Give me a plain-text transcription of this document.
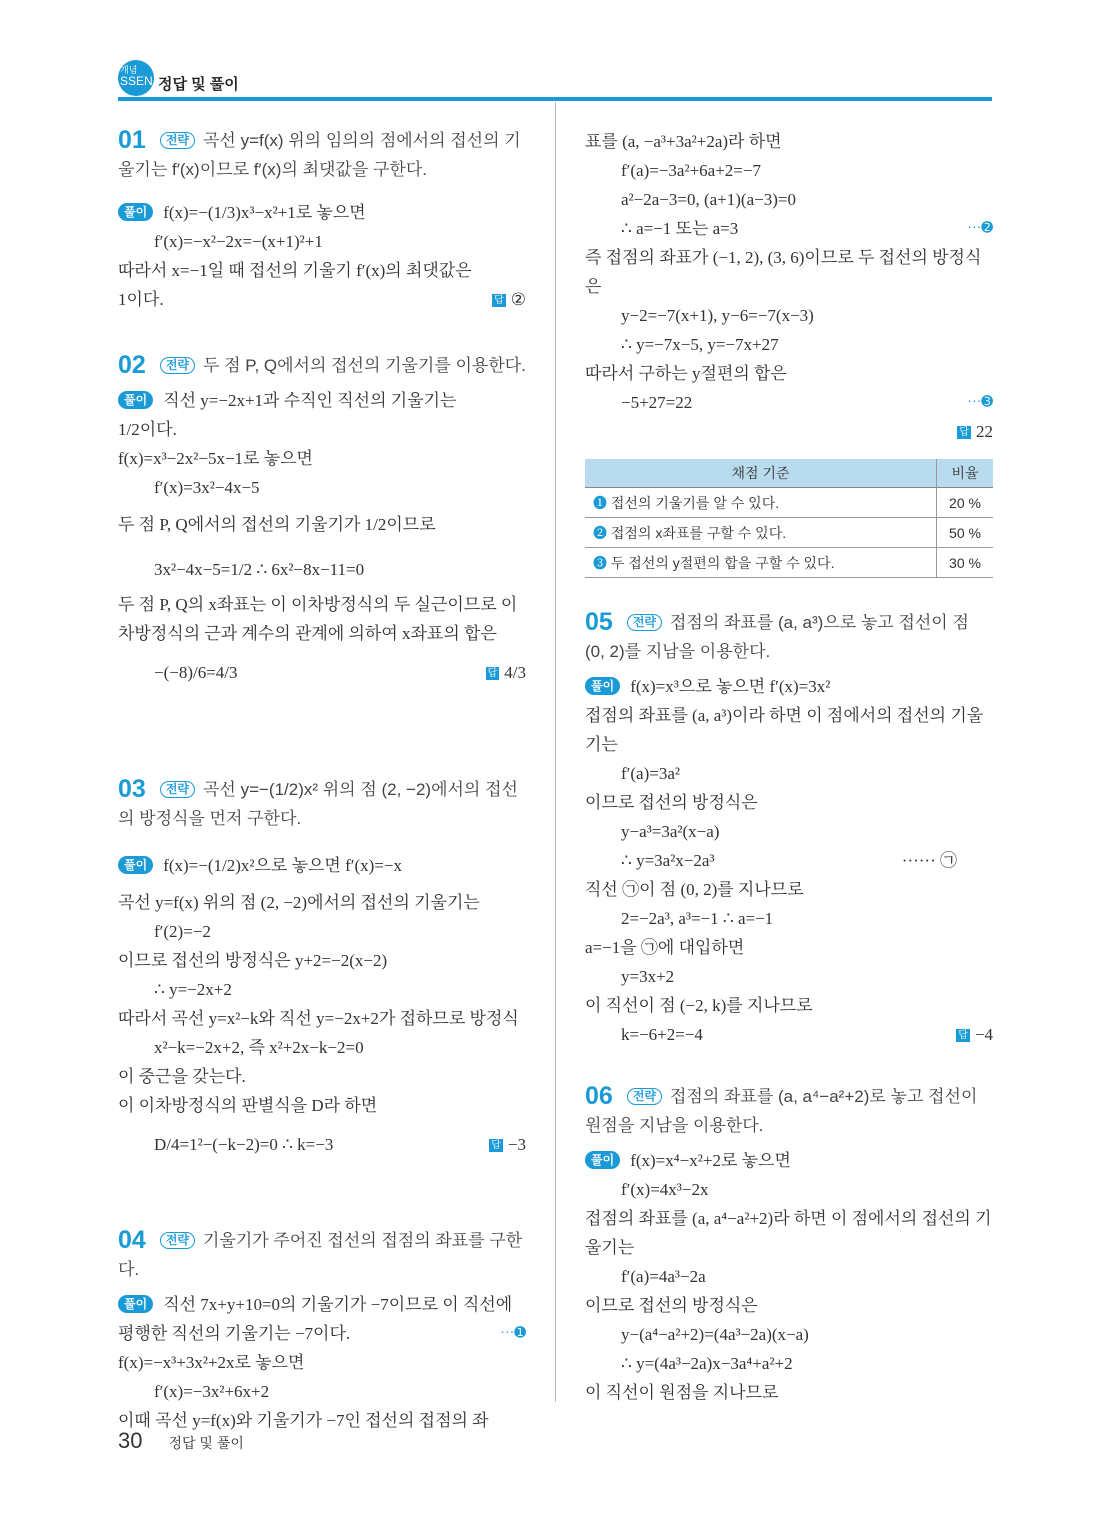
개념
SSEN 정답 및 풀이
01 전략 곡선 y=f(x) 위의 임의의 점에서의 접선의 기울기는 f′(x)이므로 f′(x)의 최댓값을 구한다.
풀이 f(x)=−(1/3)x³−x²+1로 놓으면
f′(x)=−x²−2x=−(x+1)²+1
따라서 x=−1일 때 접선의 기울기 f′(x)의 최댓값은
1이다.	답 ②
02 전략 두 점 P, Q에서의 접선의 기울기를 이용한다.
풀이 직선 y=−2x+1과 수직인 직선의 기울기는
1/2이다.
f(x)=x³−2x²−5x−1로 놓으면
f′(x)=3x²−4x−5
두 점 P, Q에서의 접선의 기울기가 1/2이므로
3x²−4x−5=1/2 ∴ 6x²−8x−11=0
두 점 P, Q의 x좌표는 이 이차방정식의 두 실근이므로 이차방정식의 근과 계수의 관계에 의하여 x좌표의 합은
−(−8)/6=4/3	답 4/3
03 전략 곡선 y=−(1/2)x² 위의 점 (2, −2)에서의 접선의 방정식을 먼저 구한다.
풀이 f(x)=−(1/2)x²으로 놓으면 f′(x)=−x
곡선 y=f(x) 위의 점 (2, −2)에서의 접선의 기울기는
f′(2)=−2
이므로 접선의 방정식은 y+2=−2(x−2)
∴ y=−2x+2
따라서 곡선 y=x²−k와 직선 y=−2x+2가 접하므로 방정식
x²−k=−2x+2, 즉 x²+2x−k−2=0
이 중근을 갖는다.
이 이차방정식의 판별식을 D라 하면
D/4=1²−(−k−2)=0 ∴ k=−3	답 −3
04 전략 기울기가 주어진 접선의 접점의 좌표를 구한다.
풀이 직선 7x+y+10=0의 기울기가 −7이므로 이 직선에 평행한 직선의 기울기는 −7이다.	···➊
f(x)=−x³+3x²+2x로 놓으면
f′(x)=−3x²+6x+2
이때 곡선 y=f(x)와 기울기가 −7인 접선의 접점의 좌
표를 (a, −a³+3a²+2a)라 하면
f′(a)=−3a²+6a+2=−7
a²−2a−3=0, (a+1)(a−3)=0
∴ a=−1 또는 a=3	···➋
즉 접점의 좌표가 (−1, 2), (3, 6)이므로 두 접선의 방정식은
y−2=−7(x+1), y−6=−7(x−3)
∴ y=−7x−5, y=−7x+27
따라서 구하는 y절편의 합은
−5+27=22	···➌
답 22
채점 기준	비율
❶ 접선의 기울기를 알 수 있다.	20 %
❷ 접점의 x좌표를 구할 수 있다.	50 %
❸ 두 접선의 y절편의 합을 구할 수 있다.	30 %
05 전략 접점의 좌표를 (a, a³)으로 놓고 접선이 점 (0, 2)를 지남을 이용한다.
풀이 f(x)=x³으로 놓으면 f′(x)=3x²
접점의 좌표를 (a, a³)이라 하면 이 점에서의 접선의 기울기는
f′(a)=3a²
이므로 접선의 방정식은
y−a³=3a²(x−a)
∴ y=3a²x−2a³	······ ㉠
직선 ㉠이 점 (0, 2)를 지나므로
2=−2a³, a³=−1 ∴ a=−1
a=−1을 ㉠에 대입하면
y=3x+2
이 직선이 점 (−2, k)를 지나므로
k=−6+2=−4	답 −4
06 전략 접점의 좌표를 (a, a⁴−a²+2)로 놓고 접선이 원점을 지남을 이용한다.
풀이 f(x)=x⁴−x²+2로 놓으면
f′(x)=4x³−2x
접점의 좌표를 (a, a⁴−a²+2)라 하면 이 점에서의 접선의 기울기는
f′(a)=4a³−2a
이므로 접선의 방정식은
y−(a⁴−a²+2)=(4a³−2a)(x−a)
∴ y=(4a³−2a)x−3a⁴+a²+2
이 직선이 원점을 지나므로
30 정답 및 풀이
